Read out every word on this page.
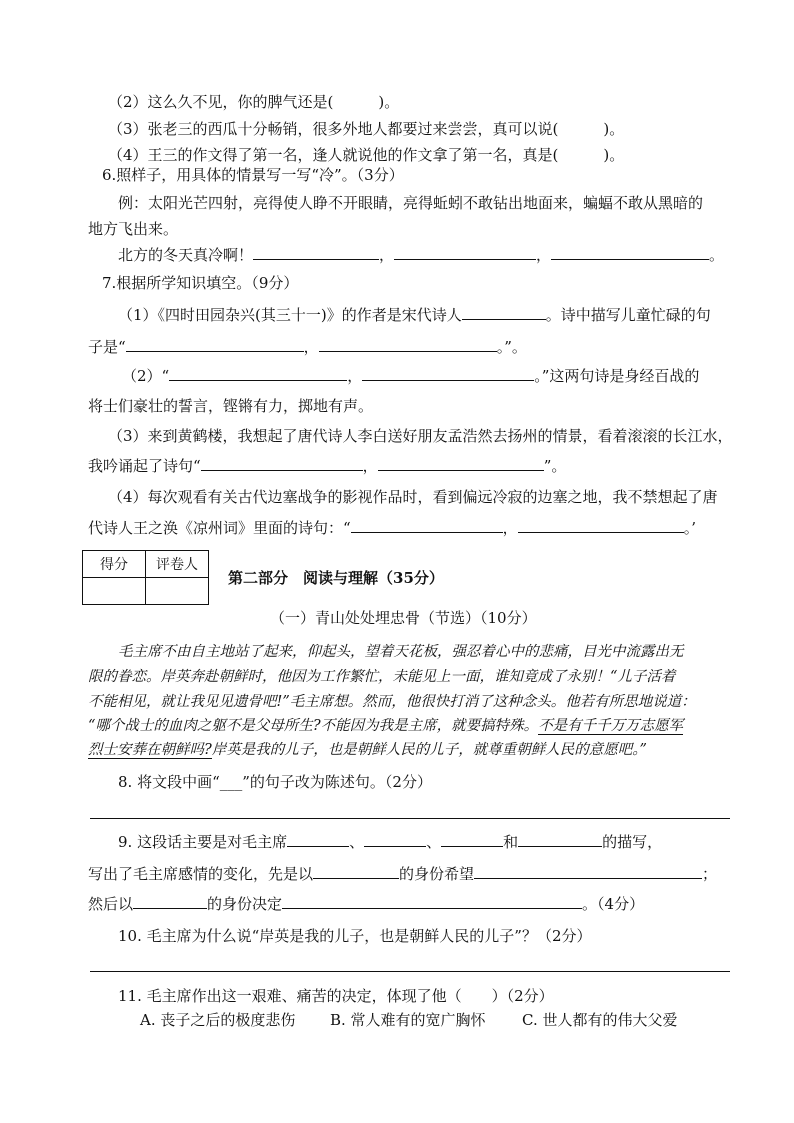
（2）这么久不见，你的脾气还是(　　　)。
（3）张老三的西瓜十分畅销，很多外地人都要过来尝尝，真可以说(　　　)。
（4）王三的作文得了第一名，逢人就说他的作文拿了第一名，真是(　　　)。
6.照样子，用具体的情景写一写“冷”。（3分）
例：太阳光芒四射，亮得使人睁不开眼睛，亮得蚯蚓不敢钻出地面来，蝙蝠不敢从黑暗的
地方飞出来。
北方的冬天真冷啊！	，	，	。
7.根据所学知识填空。（9分）
（1）《四时田园杂兴(其三十一)》的作者是宋代诗人	。诗中描写儿童忙碌的句
子是“	，	。”。
（2）“	，	。”这两句诗是身经百战的
将士们豪壮的誓言，铿锵有力，掷地有声。
（3）来到黄鹤楼，我想起了唐代诗人李白送好朋友孟浩然去扬州的情景，看着滚滚的长江水，
我吟诵起了诗句“	，	”。
（4）每次观看有关古代边塞战争的影视作品时，看到偏远冷寂的边塞之地，我不禁想起了唐
代诗人王之涣《凉州词》里面的诗句：“	，	。’
得分	评卷人

第二部分　阅读与理解（35分）
（一）青山处处埋忠骨（节选）（10分）
毛主席不由自主地站了起来，仰起头，望着天花板，强忍着心中的悲痛，目光中流露出无
限的眷恋。岸英奔赴朝鲜时，他因为工作繁忙，未能见上一面，谁知竟成了永别！“儿子活着
不能相见，就让我见见遗骨吧!”毛主席想。然而，他很快打消了这种念头。他若有所思地说道：
“哪个战士的血肉之躯不是父母所生?不能因为我是主席，就要搞特殊。不是有千千万万志愿军
烈士安葬在朝鲜吗?岸英是我的儿子，也是朝鲜人民的儿子，就尊重朝鲜人民的意愿吧。”
8. 将文段中画“___”的句子改为陈述句。（2分）
9. 这段话主要是对毛主席	、	、	和	的描写，
写出了毛主席感情的变化，先是以	的身份希望	；
然后以	的身份决定	。（4分）
10. 毛主席为什么说“岸英是我的儿子，也是朝鲜人民的儿子”？（2分）
11. 毛主席作出这一艰难、痛苦的决定，体现了他（　　）（2分）
A. 丧子之后的极度悲伤 B. 常人难有的宽广胸怀 C. 世人都有的伟大父爱
